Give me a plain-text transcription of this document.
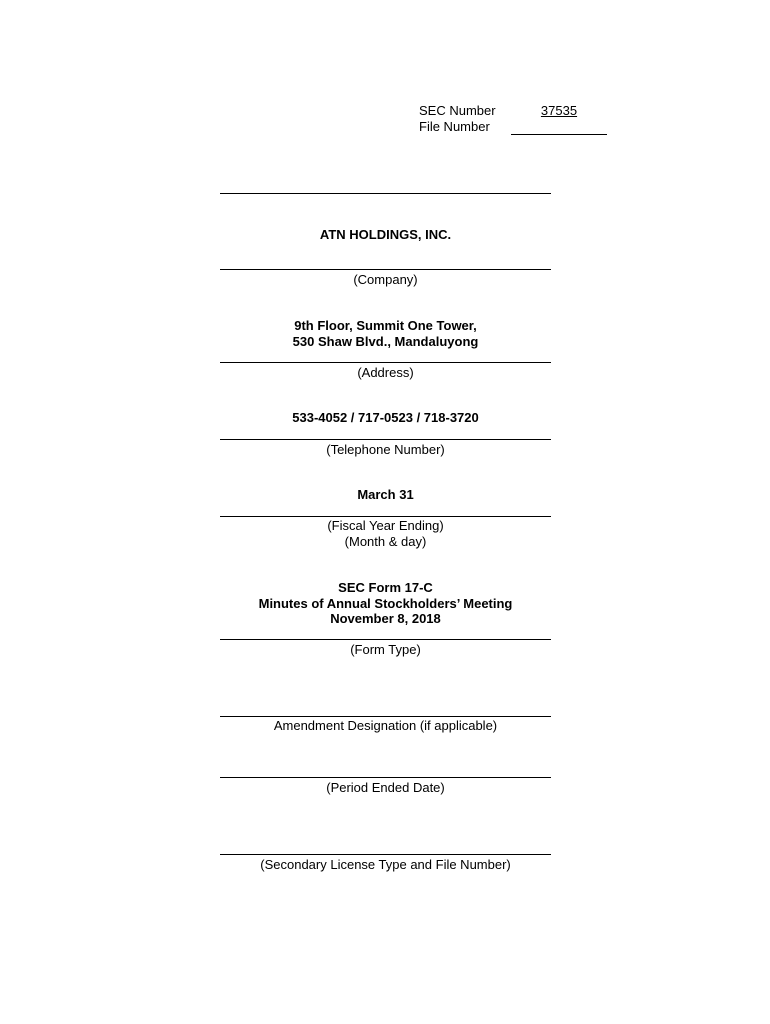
SEC Number	37535
File Number
ATN HOLDINGS, INC.
(Company)
9th Floor, Summit One Tower,
530 Shaw Blvd., Mandaluyong
(Address)
533-4052 / 717-0523 / 718-3720
(Telephone Number)
March 31
(Fiscal Year Ending)
(Month & day)
SEC Form 17-C
Minutes of Annual Stockholders’ Meeting
November 8, 2018
(Form Type)
Amendment Designation (if applicable)
(Period Ended Date)
(Secondary License Type and File Number)
